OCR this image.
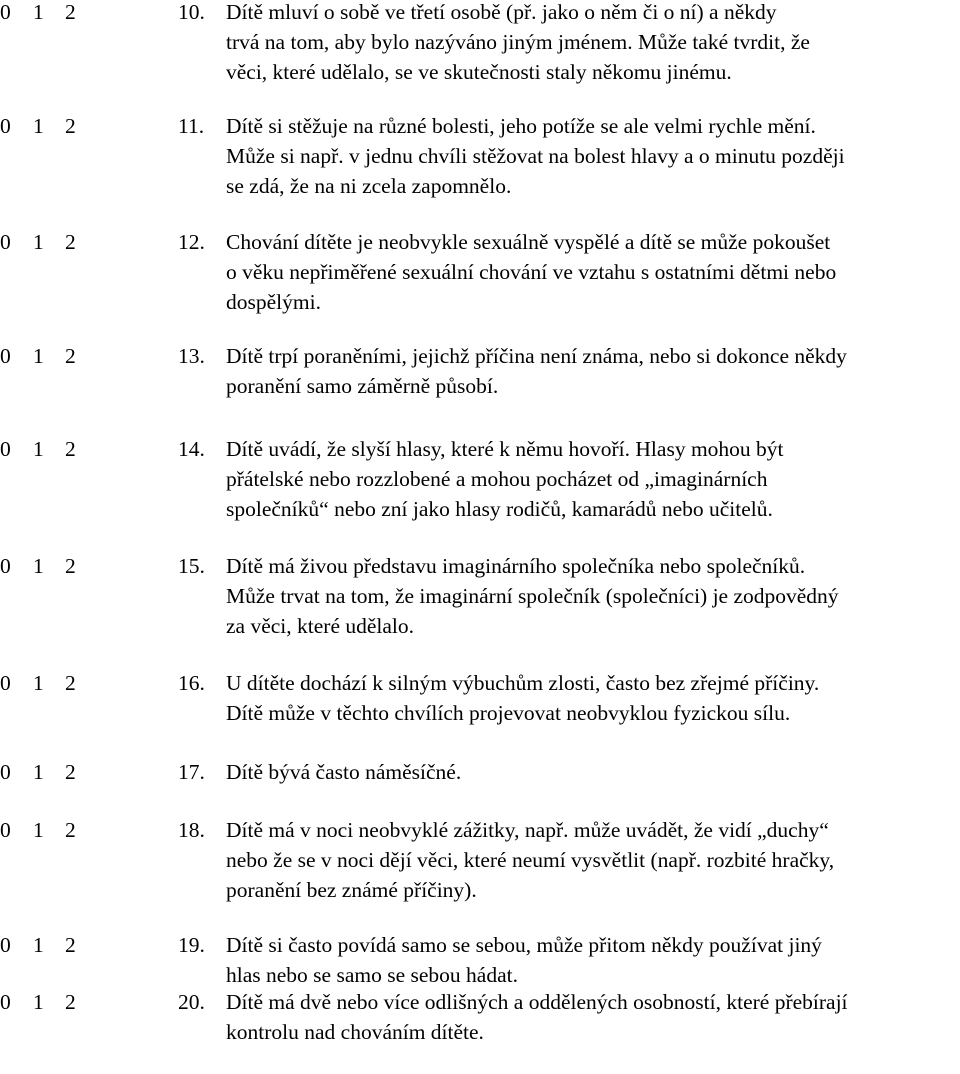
0 1 2	10. Dítě mluví o sobě ve třetí osobě (př. jako o něm či o ní) a někdy
trvá na tom, aby bylo nazýváno jiným jménem. Může také tvrdit, že
věci, které udělalo, se ve skutečnosti staly někomu jinému.
0 1 2	11. Dítě si stěžuje na různé bolesti, jeho potíže se ale velmi rychle mění.
Může si např. v jednu chvíli stěžovat na bolest hlavy a o minutu později
se zdá, že na ni zcela zapomnělo.
0 1 2	12. Chování dítěte je neobvykle sexuálně vyspělé a dítě se může pokoušet
o věku nepřiměřené sexuální chování ve vztahu s ostatními dětmi nebo
dospělými.
0 1 2	13. Dítě trpí poraněními, jejichž příčina není známa, nebo si dokonce někdy
poranění samo záměrně působí.
0 1 2	14. Dítě uvádí, že slyší hlasy, které k němu hovoří. Hlasy mohou být
přátelské nebo rozzlobené a mohou pocházet od „imaginárních
společníků“ nebo zní jako hlasy rodičů, kamarádů nebo učitelů.
0 1 2	15. Dítě má živou představu imaginárního společníka nebo společníků.
Může trvat na tom, že imaginární společník (společníci) je zodpovědný
za věci, které udělalo.
0 1 2	16. U dítěte dochází k silným výbuchům zlosti, často bez zřejmé příčiny.
Dítě může v těchto chvílích projevovat neobvyklou fyzickou sílu.
0 1 2	17. Dítě bývá často náměsíčné.
0 1 2	18. Dítě má v noci neobvyklé zážitky, např. může uvádět, že vidí „duchy“
nebo že se v noci dějí věci, které neumí vysvětlit (např. rozbité hračky,
poranění bez známé příčiny).
0 1 2	19. Dítě si často povídá samo se sebou, může přitom někdy používat jiný
hlas nebo se samo se sebou hádat.
0 1 2	20. Dítě má dvě nebo více odlišných a oddělených osobností, které přebírají
kontrolu nad chováním dítěte.
